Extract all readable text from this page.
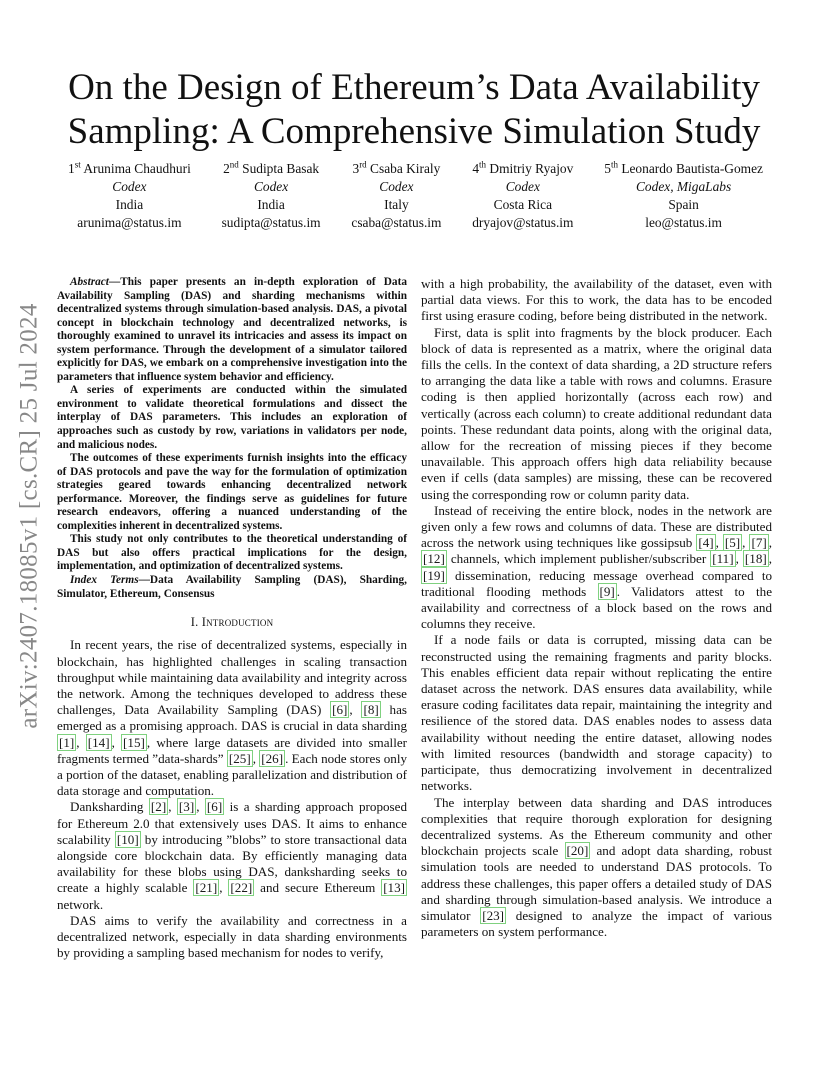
arXiv:2407.18085v1 [cs.CR] 25 Jul 2024
On the Design of Ethereum’s Data Availability Sampling: A Comprehensive Simulation Study
1st Arunima Chaudhuri
Codex
India
arunima@status.im
2nd Sudipta Basak
Codex
India
sudipta@status.im
3rd Csaba Kiraly
Codex
Italy
csaba@status.im
4th Dmitriy Ryajov
Codex
Costa Rica
dryajov@status.im
5th Leonardo Bautista-Gomez
Codex, MigaLabs
Spain
leo@status.im

Abstract—This paper presents an in-depth exploration of Data Availability Sampling (DAS) and sharding mechanisms within decentralized systems through simulation-based analysis. DAS, a pivotal concept in blockchain technology and decentralized networks, is thoroughly examined to unravel its intricacies and assess its impact on system performance. Through the development of a simulator tailored explicitly for DAS, we embark on a comprehensive investigation into the parameters that influence system behavior and efficiency.

A series of experiments are conducted within the simulated environment to validate theoretical formulations and dissect the interplay of DAS parameters. This includes an exploration of approaches such as custody by row, variations in validators per node, and malicious nodes.

The outcomes of these experiments furnish insights into the efficacy of DAS protocols and pave the way for the formulation of optimization strategies geared towards enhancing decentralized network performance. Moreover, the findings serve as guidelines for future research endeavors, offering a nuanced understanding of the complexities inherent in decentralized systems.

This study not only contributes to the theoretical understanding of DAS but also offers practical implications for the design, implementation, and optimization of decentralized systems.

Index Terms—Data Availability Sampling (DAS), Sharding, Simulator, Ethereum, Consensus

I. Introduction

In recent years, the rise of decentralized systems, especially in blockchain, has highlighted challenges in scaling transaction throughput while maintaining data availability and integrity across the network. Among the techniques developed to address these challenges, Data Availability Sampling (DAS) [6] , [8] has emerged as a promising approach. DAS is crucial in data sharding [1] , [14] , [15] , where large datasets are divided into smaller fragments termed ”data-shards” [25] , [26] . Each node stores only a portion of the dataset, enabling parallelization and distribution of data storage and computation.

Danksharding [2] , [3] , [6] is a sharding approach proposed for Ethereum 2.0 that extensively uses DAS. It aims to enhance scalability [10] by introducing ”blobs” to store transactional data alongside core blockchain data. By efficiently managing data availability for these blobs using DAS, danksharding seeks to create a highly scalable [21] , [22] and secure Ethereum [13] network.

DAS aims to verify the availability and correctness in a decentralized network, especially in data sharding environments by providing a sampling based mechanism for nodes to verify,

with a high probability, the availability of the dataset, even with partial data views. For this to work, the data has to be encoded first using erasure coding, before being distributed in the network.

First, data is split into fragments by the block producer. Each block of data is represented as a matrix, where the original data fills the cells. In the context of data sharding, a 2D structure refers to arranging the data like a table with rows and columns. Erasure coding is then applied horizontally (across each row) and vertically (across each column) to create additional redundant data points. These redundant data points, along with the original data, allow for the recreation of missing pieces if they become unavailable. This approach offers high data reliability because even if cells (data samples) are missing, these can be recovered using the corresponding row or column parity data.

Instead of receiving the entire block, nodes in the network are given only a few rows and columns of data. These are distributed across the network using techniques like gossipsub [4] , [5] , [7] , [12] channels, which implement publisher/subscriber [11] , [18] , [19] dissemination, reducing message overhead compared to traditional flooding methods [9] . Validators attest to the availability and correctness of a block based on the rows and columns they receive.

If a node fails or data is corrupted, missing data can be reconstructed using the remaining fragments and parity blocks. This enables efficient data repair without replicating the entire dataset across the network. DAS ensures data availability, while erasure coding facilitates data repair, maintaining the integrity and resilience of the stored data. DAS enables nodes to assess data availability without needing the entire dataset, allowing nodes with limited resources (bandwidth and storage capacity) to participate, thus democratizing involvement in decentralized networks.

The interplay between data sharding and DAS introduces complexities that require thorough exploration for designing decentralized systems. As the Ethereum community and other blockchain projects scale [20] and adopt data sharding, robust simulation tools are needed to understand DAS protocols. To address these challenges, this paper offers a detailed study of DAS and sharding through simulation-based analysis. We introduce a simulator [23] designed to analyze the impact of various parameters on system performance.
